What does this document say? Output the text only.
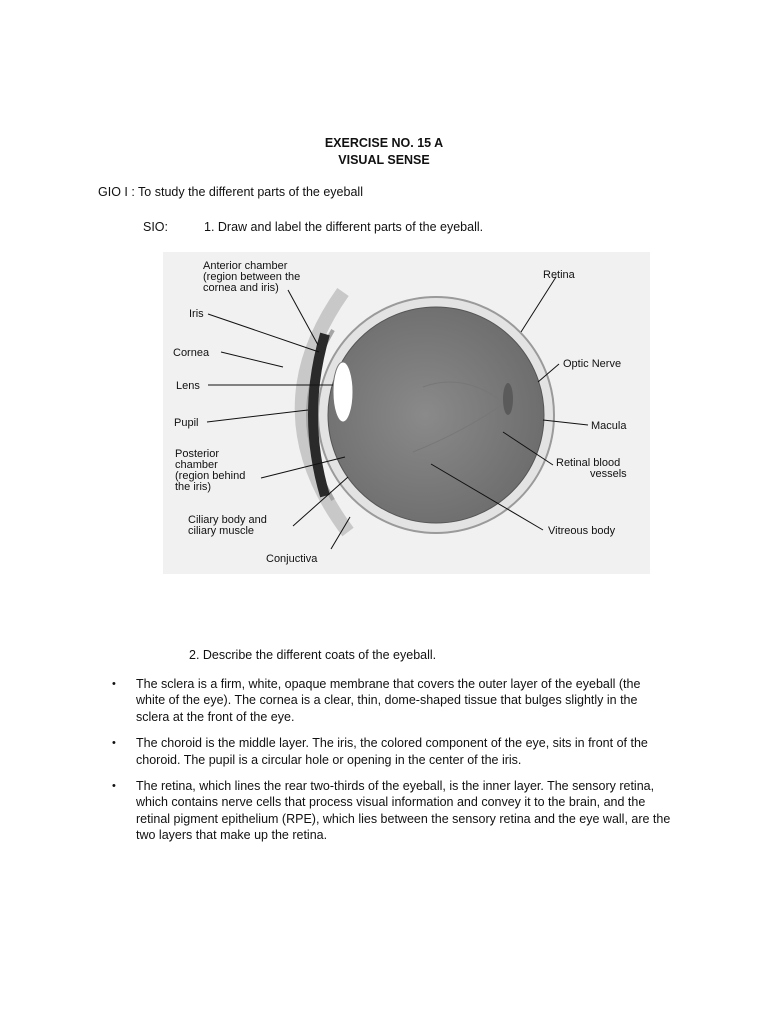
EXERCISE NO. 15 A
VISUAL SENSE
GIO I : To study the different parts of the eyeball
SIO:	1. Draw and label the different parts of the eyeball.
Anterior chamber
(region between the
cornea and iris)
Iris
Cornea
Lens
Pupil
Posterior
chamber
(region behind
the iris)
Ciliary body and
ciliary muscle
Conjuctiva
Retina
Optic Nerve
Macula
Retinal blood
vessels
Vitreous body
2. Describe the different coats of the eyeball.
•	The sclera is a firm, white, opaque membrane that covers the outer layer of the eyeball (the white of the eye). The cornea is a clear, thin, dome-shaped tissue that bulges slightly in the sclera at the front of the eye.
•	The choroid is the middle layer. The iris, the colored component of the eye, sits in front of the choroid. The pupil is a circular hole or opening in the center of the iris.
•	The retina, which lines the rear two-thirds of the eyeball, is the inner layer. The sensory retina, which contains nerve cells that process visual information and convey it to the brain, and the retinal pigment epithelium (RPE), which lies between the sensory retina and the eye wall, are the two layers that make up the retina.
